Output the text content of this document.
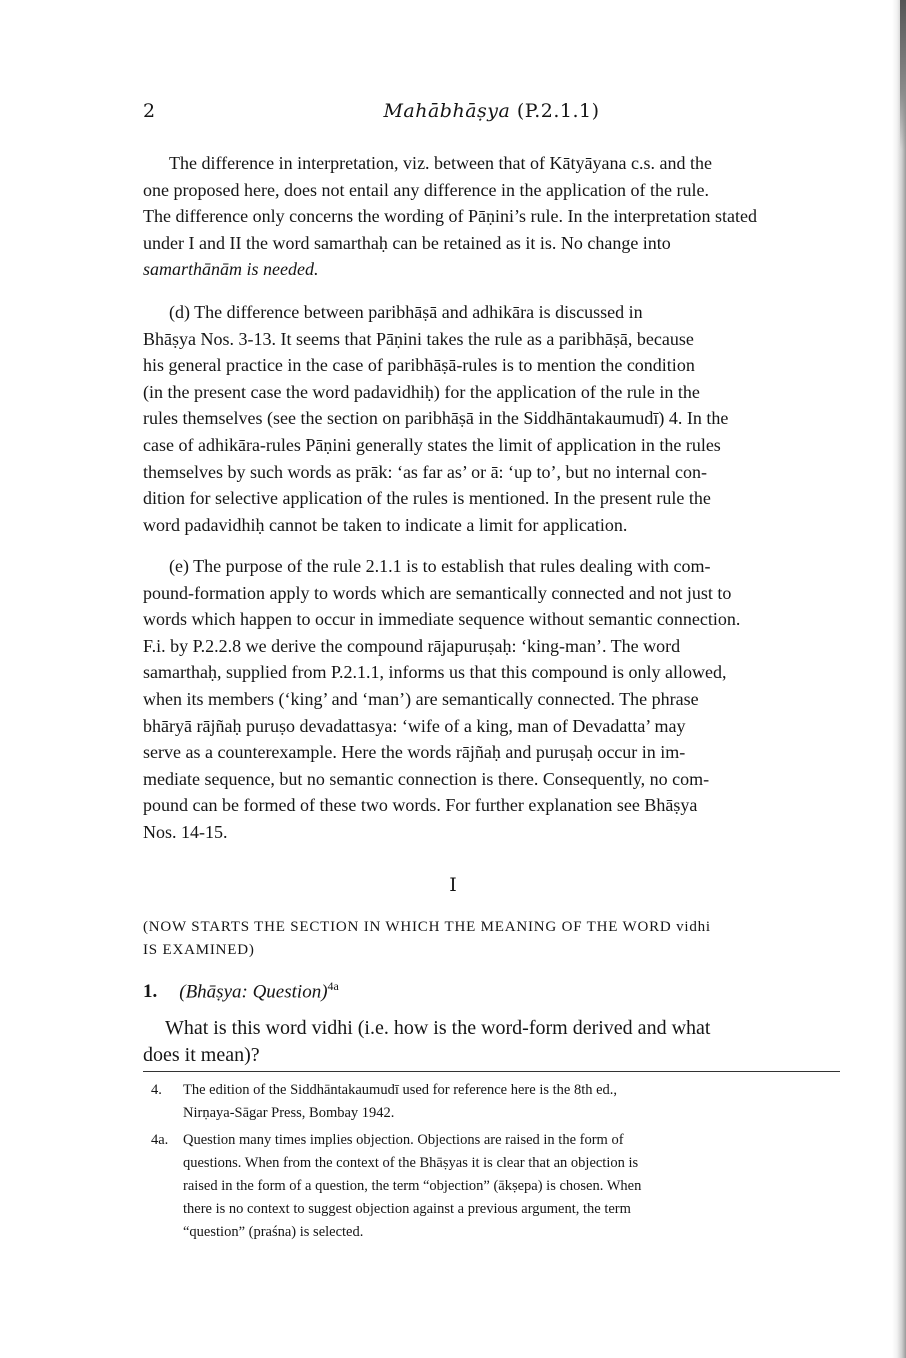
2	Mahābhāṣya (P.2.1.1)
The difference in interpretation, viz. between that of Kātyāyana c.s. and the
one proposed here, does not entail any difference in the application of the rule.
The difference only concerns the wording of Pāṇini’s rule. In the interpretation stated
under I and II the word samarthaḥ can be retained as it is. No change into
samarthānām is needed.
(d) The difference between paribhāṣā and adhikāra is discussed in
Bhāṣya Nos. 3-13. It seems that Pāṇini takes the rule as a paribhāṣā, because
his general practice in the case of paribhāṣā-rules is to mention the condition
(in the present case the word padavidhiḥ) for the application of the rule in the
rules themselves (see the section on paribhāṣā in the Siddhāntakaumudī) 4. In the
case of adhikāra-rules Pāṇini generally states the limit of application in the rules
themselves by such words as prāk: ‘as far as’ or ā: ‘up to’, but no internal con-
dition for selective application of the rules is mentioned. In the present rule the
word padavidhiḥ cannot be taken to indicate a limit for application.
(e) The purpose of the rule 2.1.1 is to establish that rules dealing with com-
pound-formation apply to words which are semantically connected and not just to
words which happen to occur in immediate sequence without semantic connection.
F.i. by P.2.2.8 we derive the compound rājapuruṣaḥ: ‘king-man’. The word
samarthaḥ, supplied from P.2.1.1, informs us that this compound is only allowed,
when its members (‘king’ and ‘man’) are semantically connected. The phrase
bhāryā rājñaḥ puruṣo devadattasya: ‘wife of a king, man of Devadatta’ may
serve as a counterexample. Here the words rājñaḥ and puruṣaḥ occur in im-
mediate sequence, but no semantic connection is there. Consequently, no com-
pound can be formed of these two words. For further explanation see Bhāṣya
Nos. 14-15.
I
(NOW STARTS THE SECTION IN WHICH THE MEANING OF THE WORD vidhi
IS EXAMINED)
1. (Bhāṣya: Question)$^{4a}$
What is this word vidhi (i.e. how is the word-form derived and what
does it mean)?
4. The edition of the Siddhāntakaumudī used for reference here is the 8th ed.,
Nirṇaya-Sāgar Press, Bombay 1942.
4a. Question many times implies objection. Objections are raised in the form of
questions. When from the context of the Bhāṣyas it is clear that an objection is
raised in the form of a question, the term “objection” (ākṣepa) is chosen. When
there is no context to suggest objection against a previous argument, the term
“question” (praśna) is selected.
